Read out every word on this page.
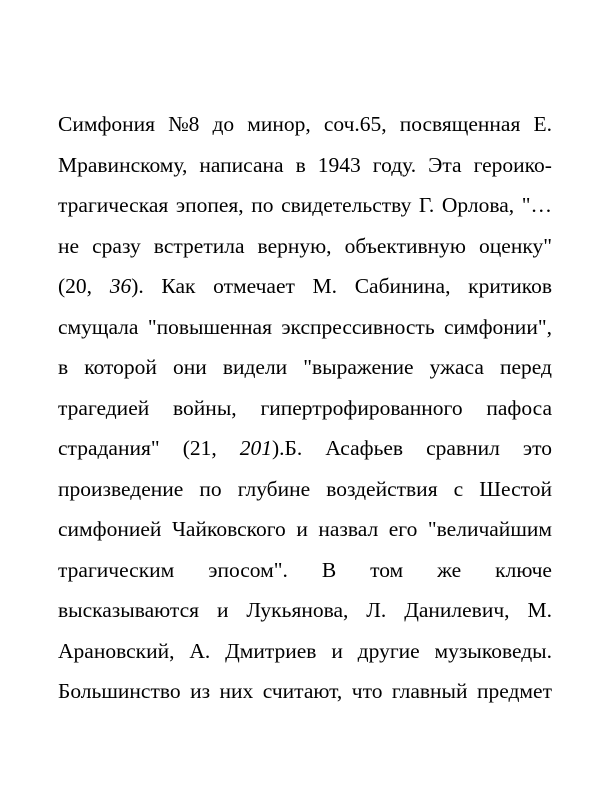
Симфония №8 до минор, соч.65, посвященная Е.
Мравинскому, написана в 1943 году. Эта героико-
трагическая эпопея, по свидетельству Г. Орлова, "…
не сразу встретила верную, объективную оценку"
(20, 36). Как отмечает М. Сабинина, критиков
смущала "повышенная экспрессивность симфонии",
в которой они видели "выражение ужаса перед
трагедией войны, гипертрофированного пафоса
страдания" (21, 201).Б. Асафьев сравнил это
произведение по глубине воздействия с Шестой
симфонией Чайковского и назвал его "величайшим
трагическим эпосом". В том же ключе
высказываются и Лукьянова, Л. Данилевич, М.
Арановский, А. Дмитриев и другие музыковеды.
Большинство из них считают, что главный предмет
